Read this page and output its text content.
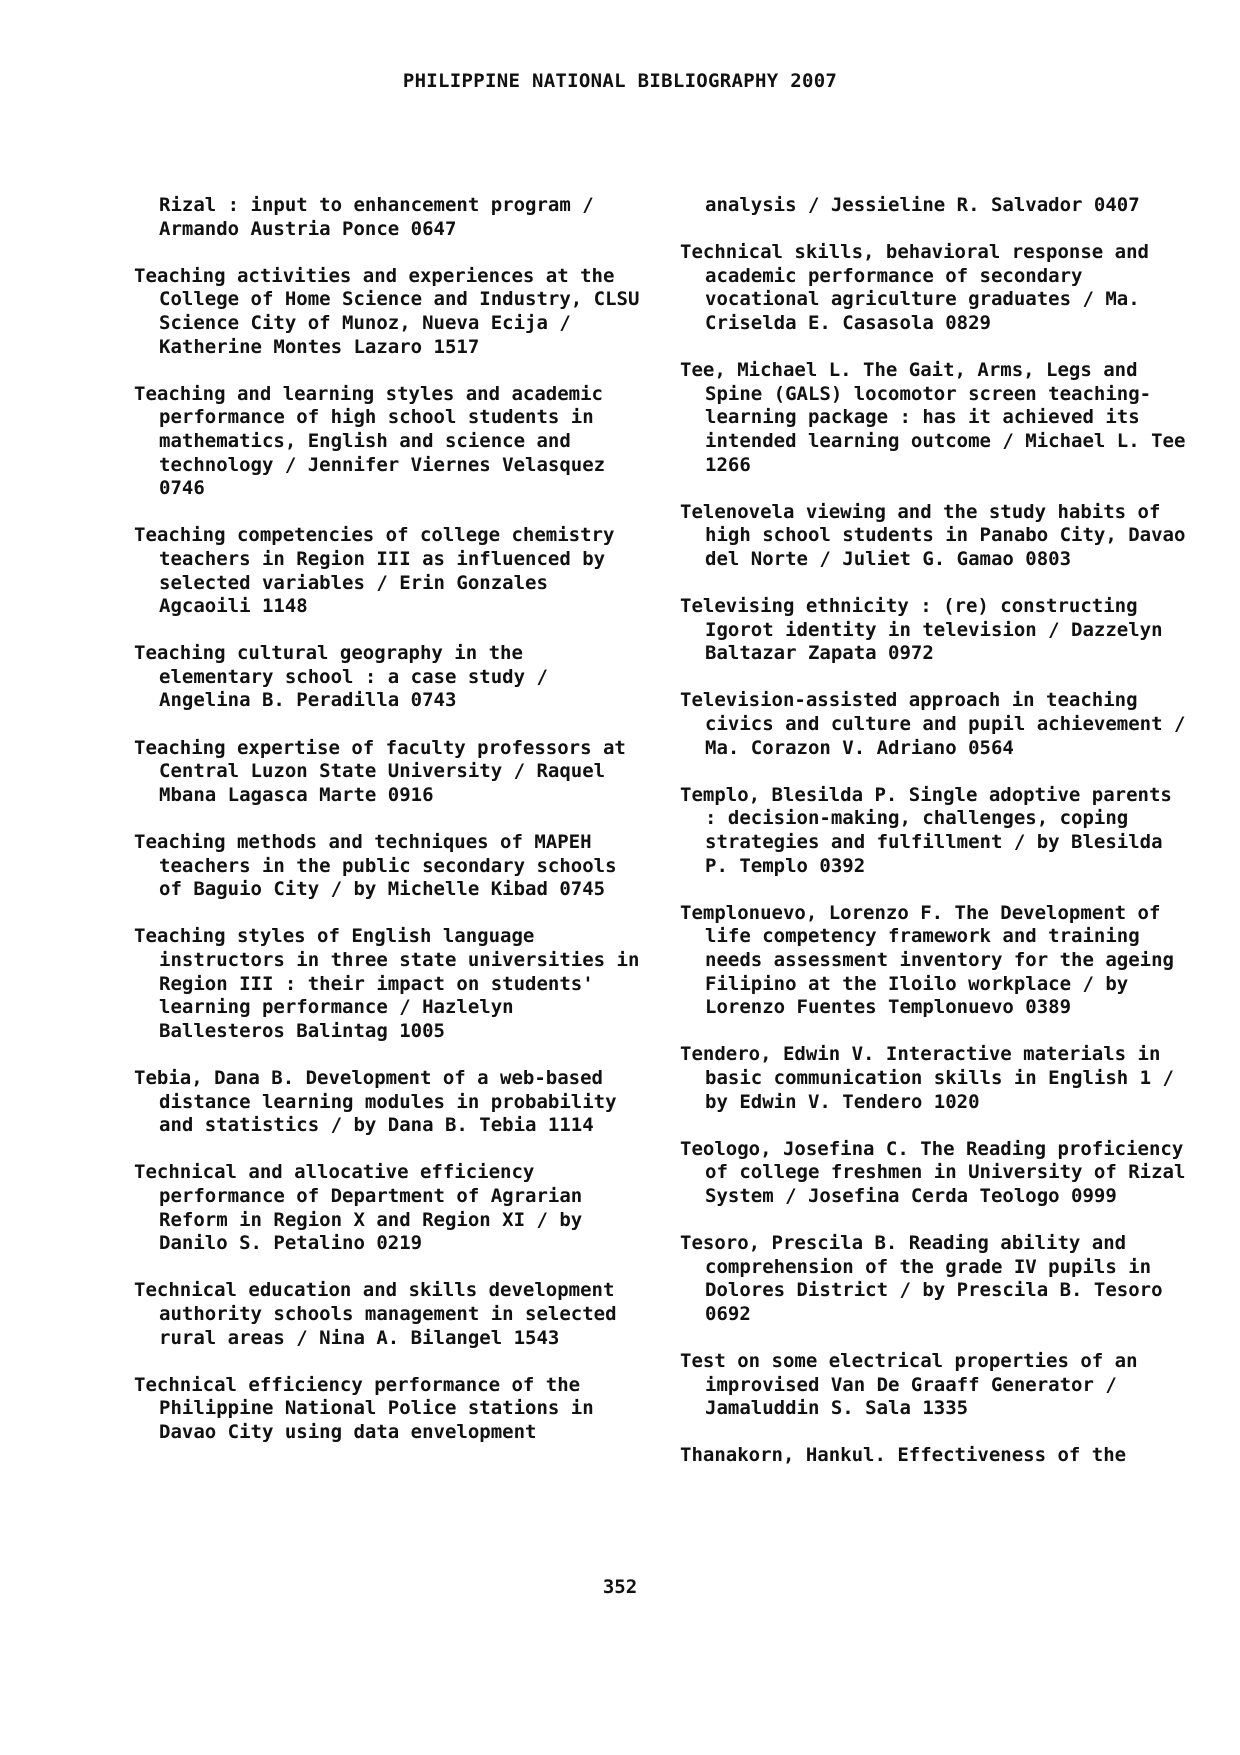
PHILIPPINE NATIONAL BIBLIOGRAPHY 2007
Rizal : input to enhancement program / Armando Austria Ponce 0647
Teaching activities and experiences at the College of Home Science and Industry, CLSU Science City of Munoz, Nueva Ecija / Katherine Montes Lazaro 1517
Teaching and learning styles and academic performance of high school students in mathematics, English and science and technology / Jennifer Viernes Velasquez 0746
Teaching competencies of college chemistry teachers in Region III as influenced by selected variables / Erin Gonzales Agcaoili 1148
Teaching cultural geography in the elementary school : a case study / Angelina B. Peradilla 0743
Teaching expertise of faculty professors at Central Luzon State University / Raquel Mbana Lagasca Marte 0916
Teaching methods and techniques of MAPEH teachers in the public secondary schools of Baguio City / by Michelle Kibad 0745
Teaching styles of English language instructors in three state universities in Region III : their impact on students' learning performance / Hazlelyn Ballesteros Balintag 1005
Tebia, Dana B. Development of a web-based distance learning modules in probability and statistics / by Dana B. Tebia 1114
Technical and allocative efficiency performance of Department of Agrarian Reform in Region X and Region XI / by Danilo S. Petalino 0219
Technical education and skills development authority schools management in selected rural areas / Nina A. Bilangel 1543
Technical efficiency performance of the Philippine National Police stations in Davao City using data envelopment
analysis / Jessieline R. Salvador 0407
Technical skills, behavioral response and academic performance of secondary vocational agriculture graduates / Ma. Criselda E. Casasola 0829
Tee, Michael L. The Gait, Arms, Legs and Spine (GALS) locomotor screen teaching-learning package : has it achieved its intended learning outcome / Michael L. Tee 1266
Telenovela viewing and the study habits of high school students in Panabo City, Davao del Norte / Juliet G. Gamao 0803
Televising ethnicity : (re) constructing Igorot identity in television / Dazzelyn Baltazar Zapata 0972
Television-assisted approach in teaching civics and culture and pupil achievement / Ma. Corazon V. Adriano 0564
Templo, Blesilda P. Single adoptive parents : decision-making, challenges, coping strategies and fulfillment / by Blesilda P. Templo 0392
Templonuevo, Lorenzo F. The Development of life competency framework and training needs assessment inventory for the ageing Filipino at the Iloilo workplace / by Lorenzo Fuentes Templonuevo 0389
Tendero, Edwin V. Interactive materials in basic communication skills in English 1 / by Edwin V. Tendero 1020
Teologo, Josefina C. The Reading proficiency of college freshmen in University of Rizal System / Josefina Cerda Teologo 0999
Tesoro, Prescila B. Reading ability and comprehension of the grade IV pupils in Dolores District / by Prescila B. Tesoro 0692
Test on some electrical properties of an improvised Van De Graaff Generator / Jamaluddin S. Sala 1335
Thanakorn, Hankul. Effectiveness of the
352
